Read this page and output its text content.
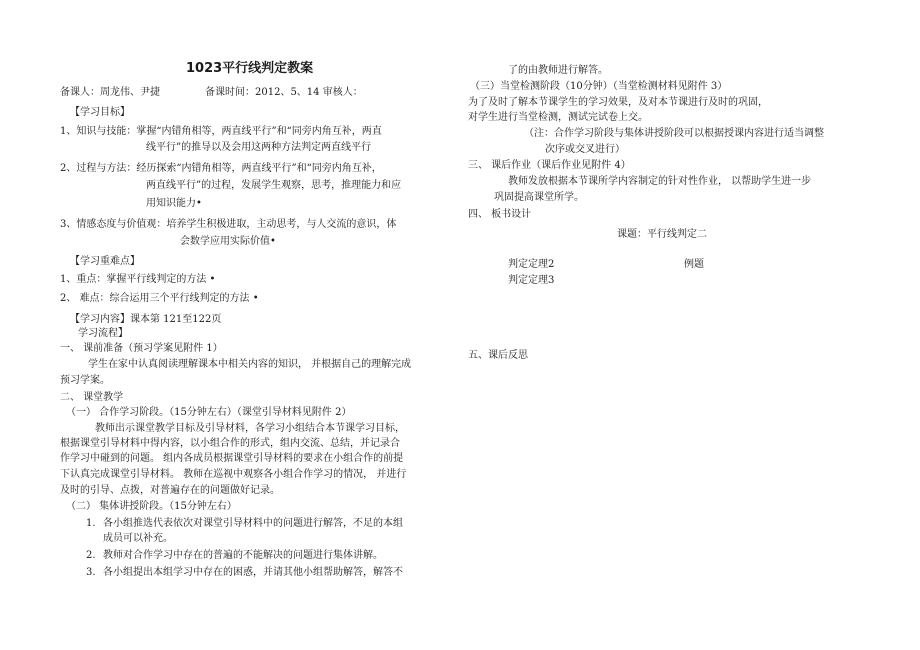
1023平行线判定教案
备课人：周龙伟、尹捷	备课时间：2012、5、14 审核人：
【学习目标】
1、知识与技能：掌握“内错角相等，两直线平行”和“同旁内角互补，两直
线平行”的推导以及会用这两种方法判定两直线平行
2、过程与方法：经历探索“内错角相等，两直线平行”和“同旁内角互补，
两直线平行”的过程，发展学生观察，思考，推理能力和应
用知识能力•
3、情感态度与价值观：培养学生积极进取，主动思考，与人交流的意识，体
会数学应用实际价值•
【学习重难点】
1、重点：掌握平行线判定的方法 •
2、 难点：综合运用三个平行线判定的方法 •
【学习内容】课本第 121至122页
学习流程】
一、 课前准备（预习学案见附件 1）
学生在家中认真阅读理解课本中相关内容的知识， 并根据自己的理解完成
预习学案。
二、 课堂教学
（一） 合作学习阶段。（15分钟左右）（课堂引导材料见附件 2）
教师出示课堂教学目标及引导材料，各学习小组结合本节课学习目标，
根据课堂引导材料中得内容，以小组合作的形式，组内交流、总结，并记录合
作学习中碰到的问题。 组内各成员根据课堂引导材料的要求在小组合作的前提
下认真完成课堂引导材料。 教师在巡视中观察各小组合作学习的情况， 并进行
及时的引导、点拨，对普遍存在的问题做好记录。
（二） 集体讲授阶段。（15分钟左右）
1. 各小组推选代表依次对课堂引导材料中的问题进行解答，不足的本组
成员可以补充。
2. 教师对合作学习中存在的普遍的不能解决的问题进行集体讲解。
3. 各小组提出本组学习中存在的困惑，并请其他小组帮助解答，解答不
了的由教师进行解答。
（三）当堂检测阶段（10分钟）（当堂检测材料见附件 3）
为了及时了解本节课学生的学习效果，及对本节课进行及时的巩固，
对学生进行当堂检测，测试完试卷上交。
（注：合作学习阶段与集体讲授阶段可以根据授课内容进行适当调整
次序或交叉进行）
三、 课后作业（课后作业见附件 4）
教师发放根据本节课所学内容制定的针对性作业， 以帮助学生进一步
巩固提高课堂所学。
四、 板书设计
课题：平行线判定二
判定定理2	例题
判定定理3
五、课后反思
